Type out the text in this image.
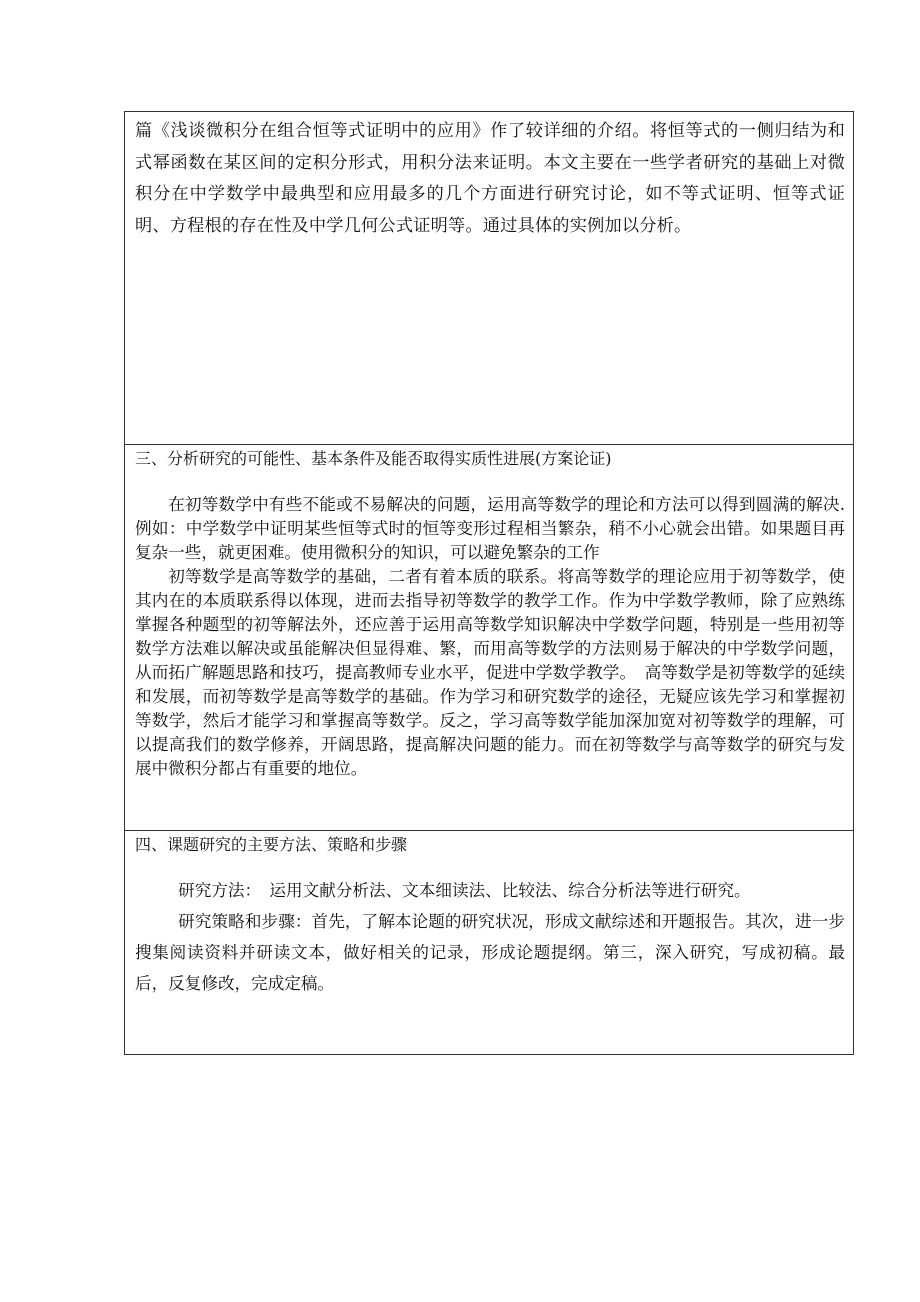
篇《浅谈微积分在组合恒等式证明中的应用》作了较详细的介绍。将恒等式的一侧归结为和式幂函数在某区间的定积分形式，用积分法来证明。本文主要在一些学者研究的基础上对微积分在中学数学中最典型和应用最多的几个方面进行研究讨论，如不等式证明、恒等式证明、方程根的存在性及中学几何公式证明等。通过具体的实例加以分析。

三、分析研究的可能性、基本条件及能否取得实质性进展(方案论证)

在初等数学中有些不能或不易解决的问题，运用高等数学的理论和方法可以得到圆满的解决.例如：中学数学中证明某些恒等式时的恒等变形过程相当繁杂，稍不小心就会出错。如果题目再复杂一些，就更困难。使用微积分的知识，可以避免繁杂的工作

初等数学是高等数学的基础，二者有着本质的联系。将高等数学的理论应用于初等数学，使其内在的本质联系得以体现，进而去指导初等数学的教学工作。作为中学数学教师，除了应熟练掌握各种题型的初等解法外，还应善于运用高等数学知识解决中学数学问题，特别是一些用初等数学方法难以解决或虽能解决但显得难、繁，而用高等数学的方法则易于解决的中学数学问题，从而拓广解题思路和技巧，提高教师专业水平，促进中学数学教学。　高等数学是初等数学的延续和发展，而初等数学是高等数学的基础。作为学习和研究数学的途径，无疑应该先学习和掌握初等数学，然后才能学习和掌握高等数学。反之，学习高等数学能加深加宽对初等数学的理解，可以提高我们的数学修养，开阔思路，提高解决问题的能力。而在初等数学与高等数学的研究与发展中微积分都占有重要的地位。

四、课题研究的主要方法、策略和步骤

研究方法：　运用文献分析法、文本细读法、比较法、综合分析法等进行研究。

研究策略和步骤：首先，了解本论题的研究状况，形成文献综述和开题报告。其次，进一步搜集阅读资料并研读文本，做好相关的记录，形成论题提纲。第三，深入研究，写成初稿。最后，反复修改，完成定稿。
